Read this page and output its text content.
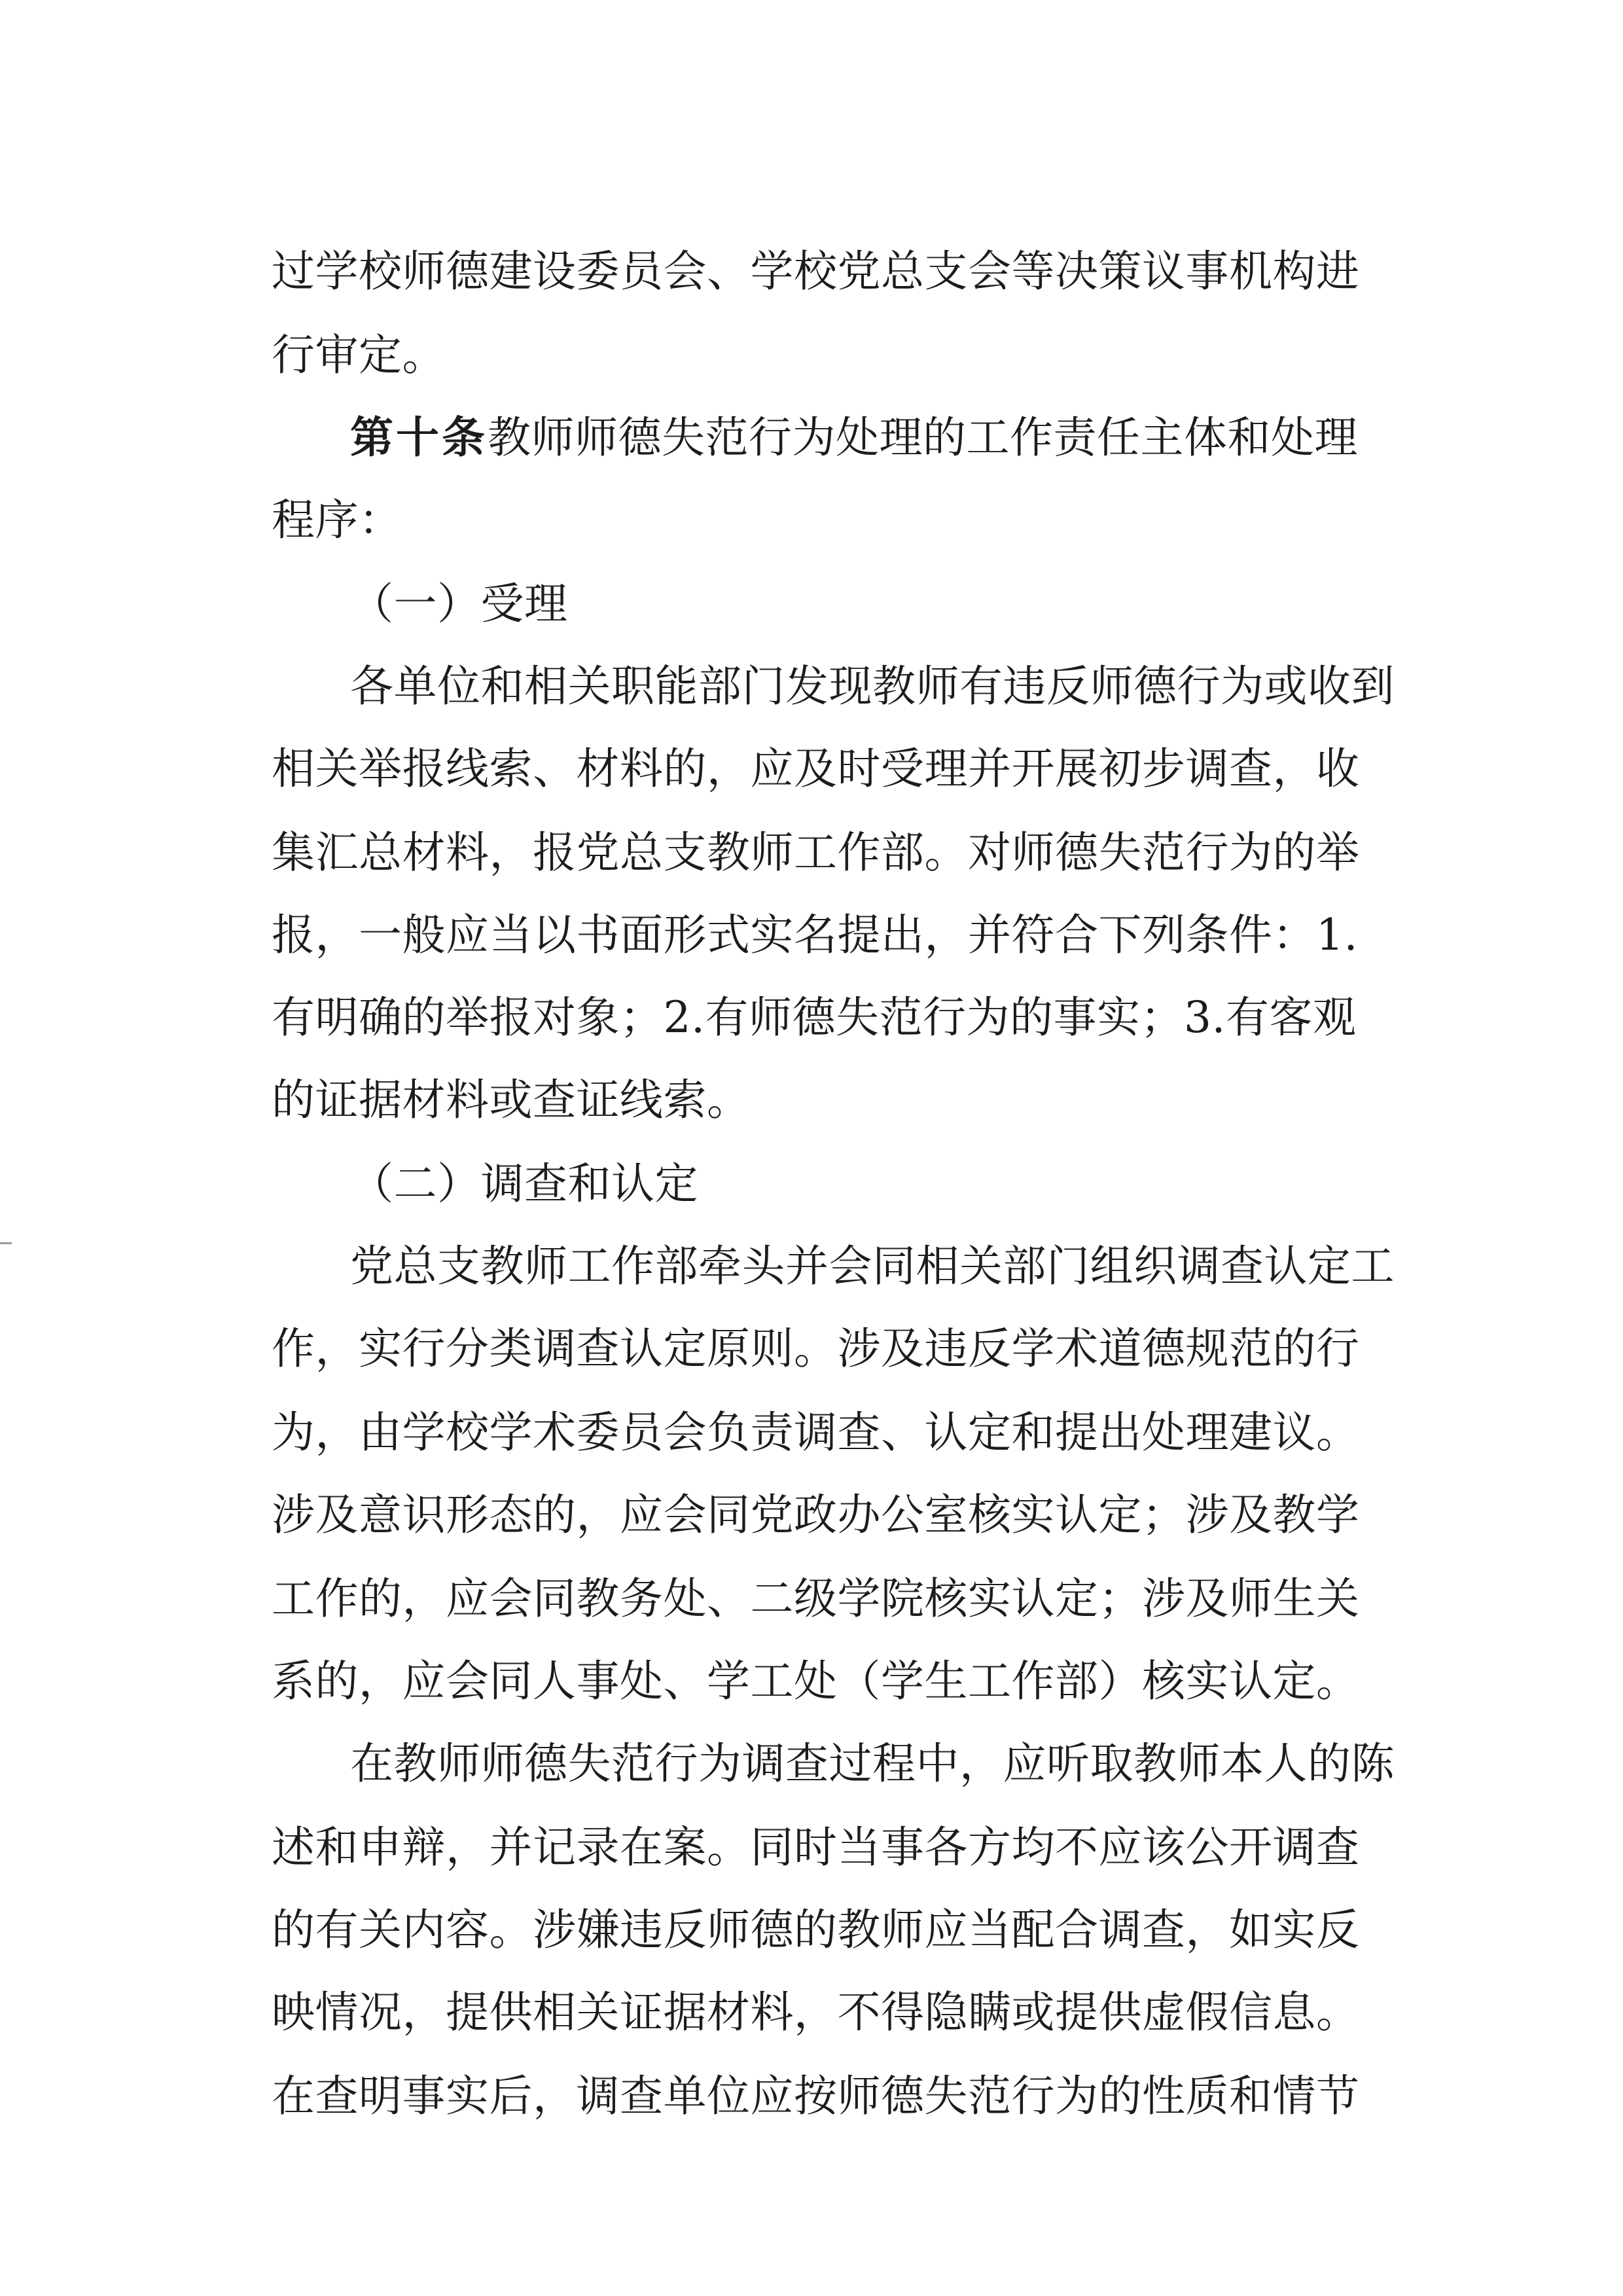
过学校师德建设委员会、学校党总支会等决策议事机构进
行审定。
第十条教师师德失范行为处理的工作责任主体和处理
程序：
（一）受理
各单位和相关职能部门发现教师有违反师德行为或收到
相关举报线索、材料的，应及时受理并开展初步调查，收
集汇总材料，报党总支教师工作部。对师德失范行为的举
报，一般应当以书面形式实名提出，并符合下列条件：1.
有明确的举报对象；2.有师德失范行为的事实；3.有客观
的证据材料或查证线索。
（二）调查和认定
党总支教师工作部牵头并会同相关部门组织调查认定工
作，实行分类调查认定原则。涉及违反学术道德规范的行
为，由学校学术委员会负责调查、认定和提出处理建议。
涉及意识形态的，应会同党政办公室核实认定；涉及教学
工作的，应会同教务处、二级学院核实认定；涉及师生关
系的，应会同人事处、学工处（学生工作部）核实认定。
在教师师德失范行为调查过程中，应听取教师本人的陈
述和申辩，并记录在案。同时当事各方均不应该公开调查
的有关内容。涉嫌违反师德的教师应当配合调查，如实反
映情况，提供相关证据材料，不得隐瞒或提供虚假信息。
在查明事实后，调查单位应按师德失范行为的性质和情节
